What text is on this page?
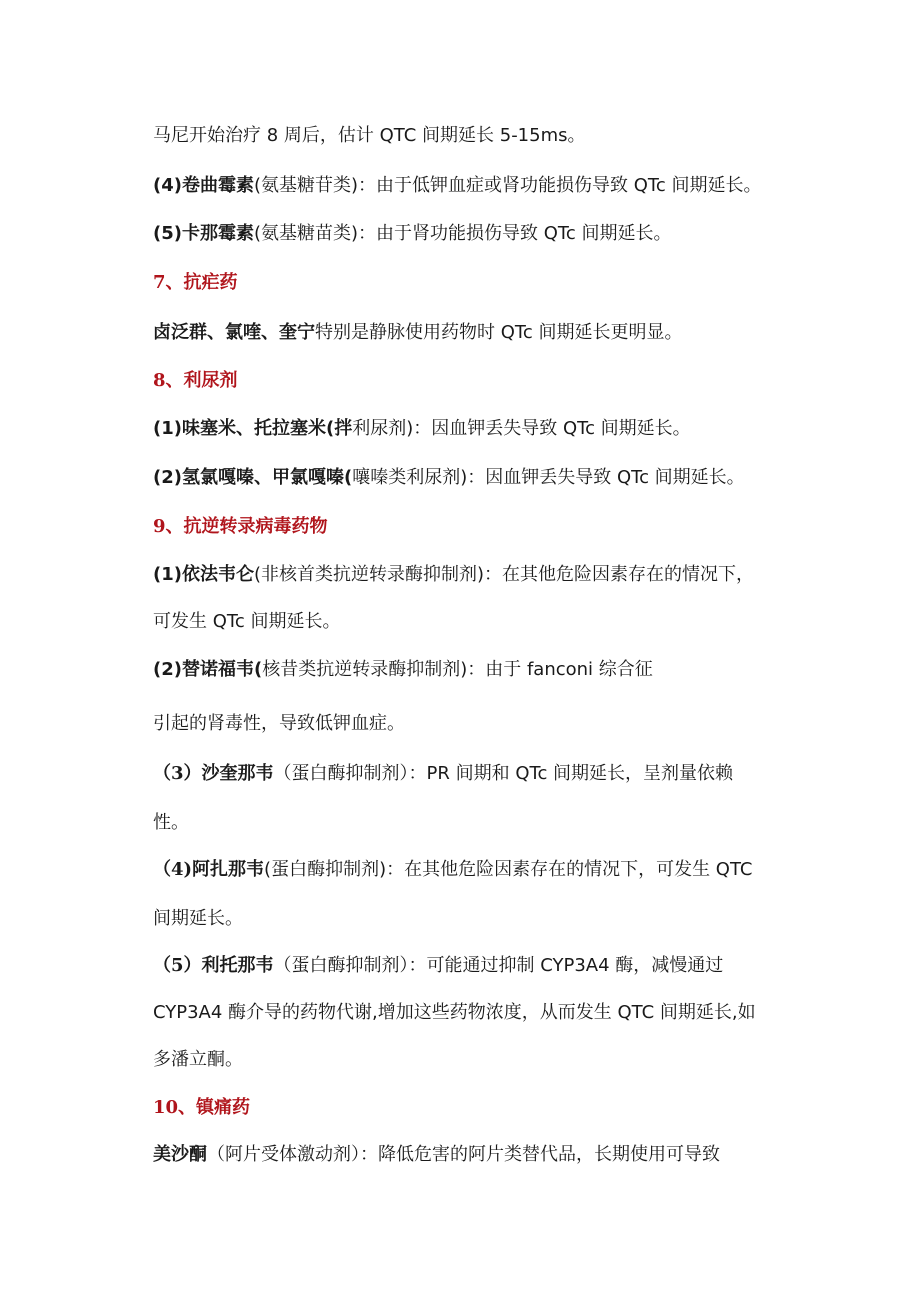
马尼开始治疗 8 周后，估计 QTC 间期延长 5-15ms。
(4)卷曲霉素(氨基糖苷类)：由于低钾血症或肾功能损伤导致 QTc 间期延长。
(5)卡那霉素(氨基糖苗类)：由于肾功能损伤导致 QTc 间期延长。
7、抗疟药
卤泛群、氯喹、奎宁特别是静脉使用药物时 QTc 间期延长更明显。
8、利尿剂
(1)味塞米、托拉塞米(拌利尿剂)：因血钾丢失导致 QTc 间期延长。
(2)氢氯嘎嗪、甲氯嘎嗪(嚷嗪类利尿剂)：因血钾丢失导致 QTc 间期延长。
9、抗逆转录病毒药物
(1)依法韦仑(非核首类抗逆转录酶抑制剂)：在其他危险因素存在的情况下，
可发生 QTc 间期延长。
(2)替诺福韦(核昔类抗逆转录酶抑制剂)：由于 fanconi 综合征
引起的肾毒性，导致低钾血症。
（3）沙奎那韦（蛋白酶抑制剂）：PR 间期和 QTc 间期延长，呈剂量依赖
性。
（4)阿扎那韦(蛋白酶抑制剂)：在其他危险因素存在的情况下，可发生 QTC
间期延长。
（5）利托那韦（蛋白酶抑制剂）：可能通过抑制 CYP3A4 酶，减慢通过
CYP3A4 酶介导的药物代谢,增加这些药物浓度，从而发生 QTC 间期延长,如
多潘立酮。
10、镇痛药
美沙酮（阿片受体激动剂）：降低危害的阿片类替代品，长期使用可导致
